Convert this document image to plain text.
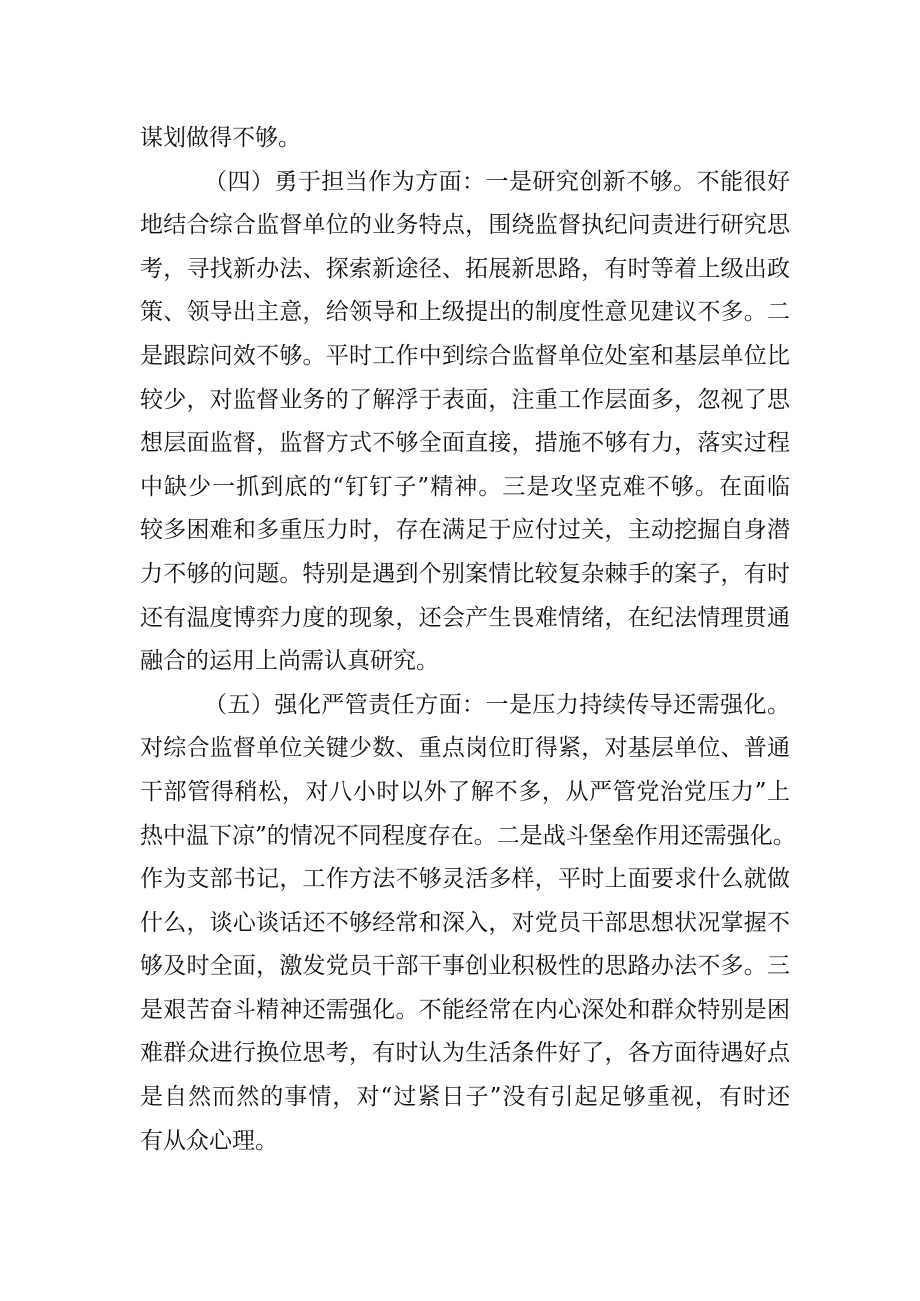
谋划做得不够。
（四）勇于担当作为方面：一是研究创新不够。不能很好
地结合综合监督单位的业务特点，围绕监督执纪问责进行研究思
考，寻找新办法、探索新途径、拓展新思路，有时等着上级出政
策、领导出主意，给领导和上级提出的制度性意见建议不多。二
是跟踪问效不够。平时工作中到综合监督单位处室和基层单位比
较少，对监督业务的了解浮于表面，注重工作层面多，忽视了思
想层面监督，监督方式不够全面直接，措施不够有力，落实过程
中缺少一抓到底的“钉钉子”精神。三是攻坚克难不够。在面临
较多困难和多重压力时，存在满足于应付过关，主动挖掘自身潜
力不够的问题。特别是遇到个别案情比较复杂棘手的案子，有时
还有温度博弈力度的现象，还会产生畏难情绪，在纪法情理贯通
融合的运用上尚需认真研究。
（五）强化严管责任方面：一是压力持续传导还需强化。
对综合监督单位关键少数、重点岗位盯得紧，对基层单位、普通
干部管得稍松，对八小时以外了解不多，从严管党治党压力”上
热中温下凉”的情况不同程度存在。二是战斗堡垒作用还需强化。
作为支部书记，工作方法不够灵活多样，平时上面要求什么就做
什么，谈心谈话还不够经常和深入，对党员干部思想状况掌握不
够及时全面，激发党员干部干事创业积极性的思路办法不多。三
是艰苦奋斗精神还需强化。不能经常在内心深处和群众特别是困
难群众进行换位思考，有时认为生活条件好了，各方面待遇好点
是自然而然的事情，对“过紧日子”没有引起足够重视，有时还
有从众心理。
